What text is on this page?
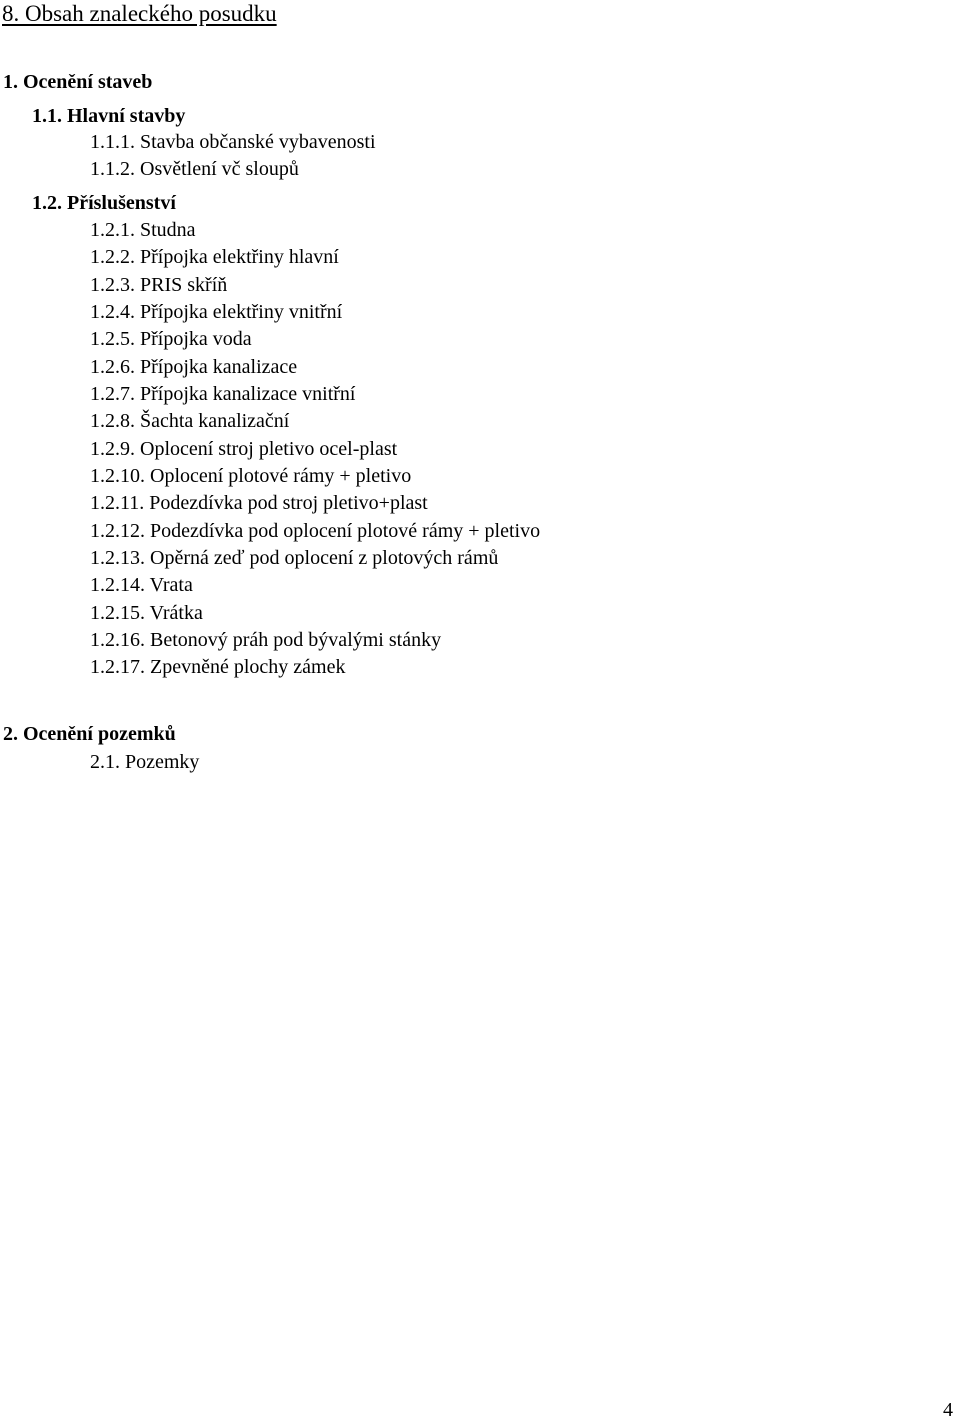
8. Obsah znaleckého posudku
1. Ocenění staveb
1.1. Hlavní stavby
1.1.1. Stavba občanské vybavenosti
1.1.2. Osvětlení vč sloupů
1.2. Příslušenství
1.2.1. Studna
1.2.2. Přípojka elektřiny hlavní
1.2.3. PRIS skříň
1.2.4. Přípojka elektřiny vnitřní
1.2.5. Přípojka voda
1.2.6. Přípojka kanalizace
1.2.7. Přípojka kanalizace vnitřní
1.2.8. Šachta kanalizační
1.2.9. Oplocení stroj pletivo ocel-plast
1.2.10. Oplocení plotové rámy + pletivo
1.2.11. Podezdívka pod stroj pletivo+plast
1.2.12. Podezdívka pod oplocení plotové rámy + pletivo
1.2.13. Opěrná zeď pod oplocení z plotových rámů
1.2.14. Vrata
1.2.15. Vrátka
1.2.16. Betonový práh pod bývalými stánky
1.2.17. Zpevněné plochy zámek
2. Ocenění pozemků
2.1. Pozemky
4
